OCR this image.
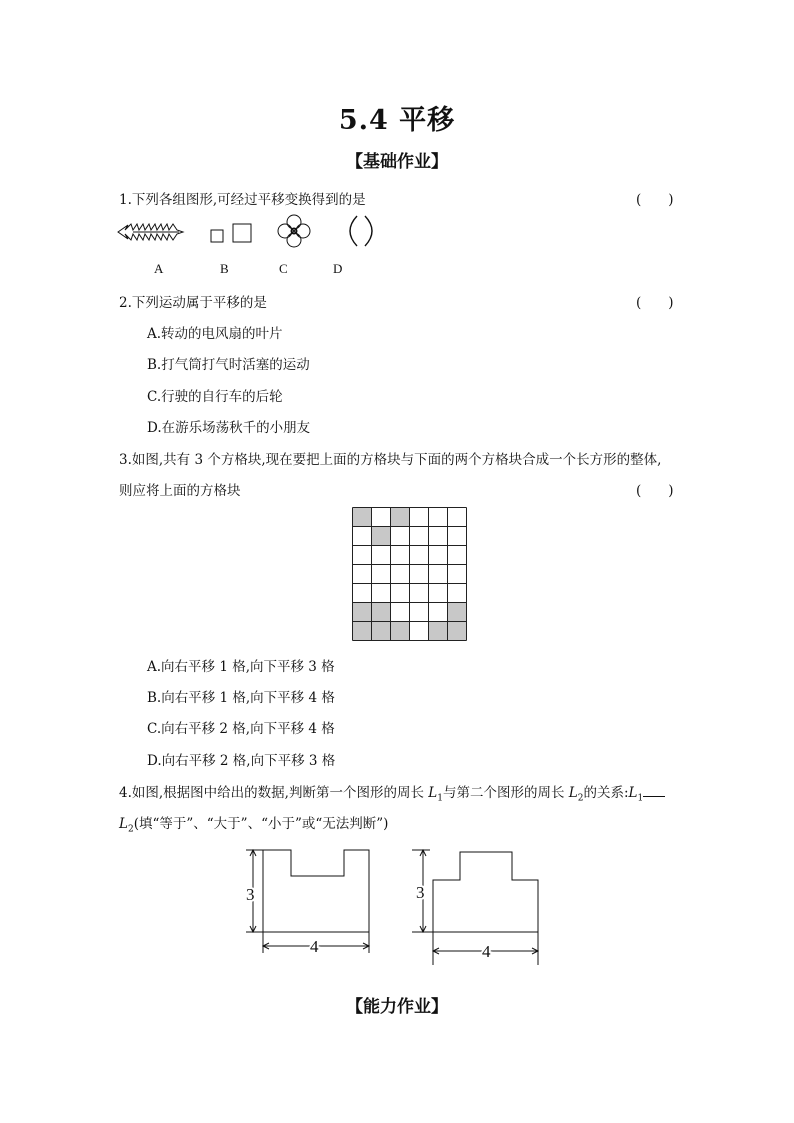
5.4 平移
【基础作业】
1.下列各组图形,可经过平移变换得到的是	(　　)
A	B	C	D
2.下列运动属于平移的是	(　　)
A.转动的电风扇的叶片
B.打气筒打气时活塞的运动
C.行驶的自行车的后轮
D.在游乐场荡秋千的小朋友
3.如图,共有 3 个方格块,现在要把上面的方格块与下面的两个方格块合成一个长方形的整体,
则应将上面的方格块	(　　)
A.向右平移 1 格,向下平移 3 格
B.向右平移 1 格,向下平移 4 格
C.向右平移 2 格,向下平移 4 格
D.向右平移 2 格,向下平移 3 格
4.如图,根据图中给出的数据,判断第一个图形的周长 $L_1$与第二个图形的周长 $L_2$的关系$:L_1$
$L_2$(填“等于”、“大于”、“小于”或“无法判断”)
3
4
3
4
【能力作业】
